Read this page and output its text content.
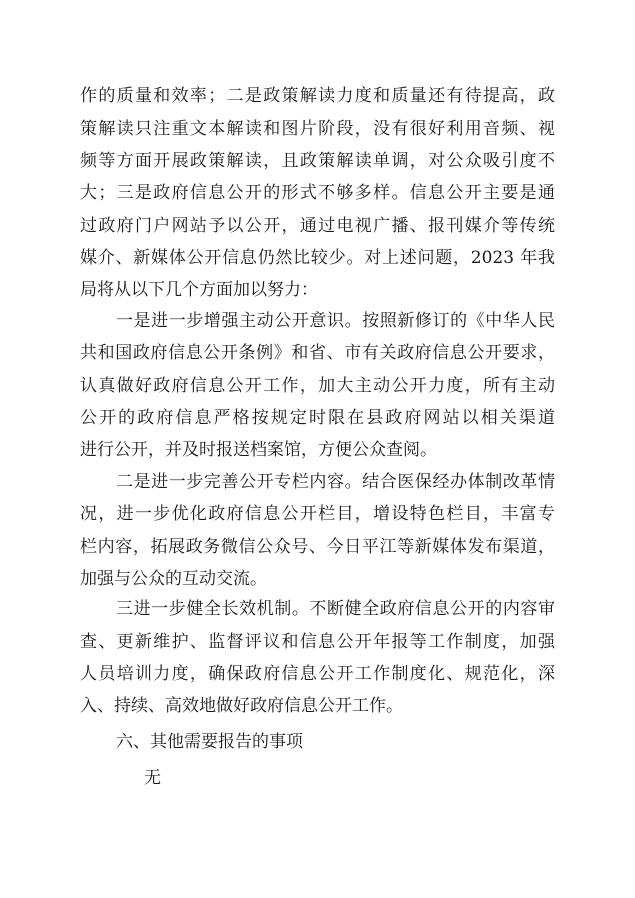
作的质量和效率；二是政策解读力度和质量还有待提高，政
策解读只注重文本解读和图片阶段，没有很好利用音频、视
频等方面开展政策解读，且政策解读单调，对公众吸引度不
大；三是政府信息公开的形式不够多样。信息公开主要是通
过政府门户网站予以公开，通过电视广播、报刊媒介等传统
媒介、新媒体公开信息仍然比较少。对上述问题，2023 年我
局将从以下几个方面加以努力：
一是进一步增强主动公开意识。按照新修订的《中华人民
共和国政府信息公开条例》和省、市有关政府信息公开要求，
认真做好政府信息公开工作，加大主动公开力度，所有主动
公开的政府信息严格按规定时限在县政府网站以相关渠道
进行公开，并及时报送档案馆，方便公众查阅。
二是进一步完善公开专栏内容。结合医保经办体制改革情
况，进一步优化政府信息公开栏目，增设特色栏目，丰富专
栏内容，拓展政务微信公众号、今日平江等新媒体发布渠道，
加强与公众的互动交流。
三进一步健全长效机制。不断健全政府信息公开的内容审
查、更新维护、监督评议和信息公开年报等工作制度，加强
人员培训力度，确保政府信息公开工作制度化、规范化，深
入、持续、高效地做好政府信息公开工作。
六、其他需要报告的事项
无
